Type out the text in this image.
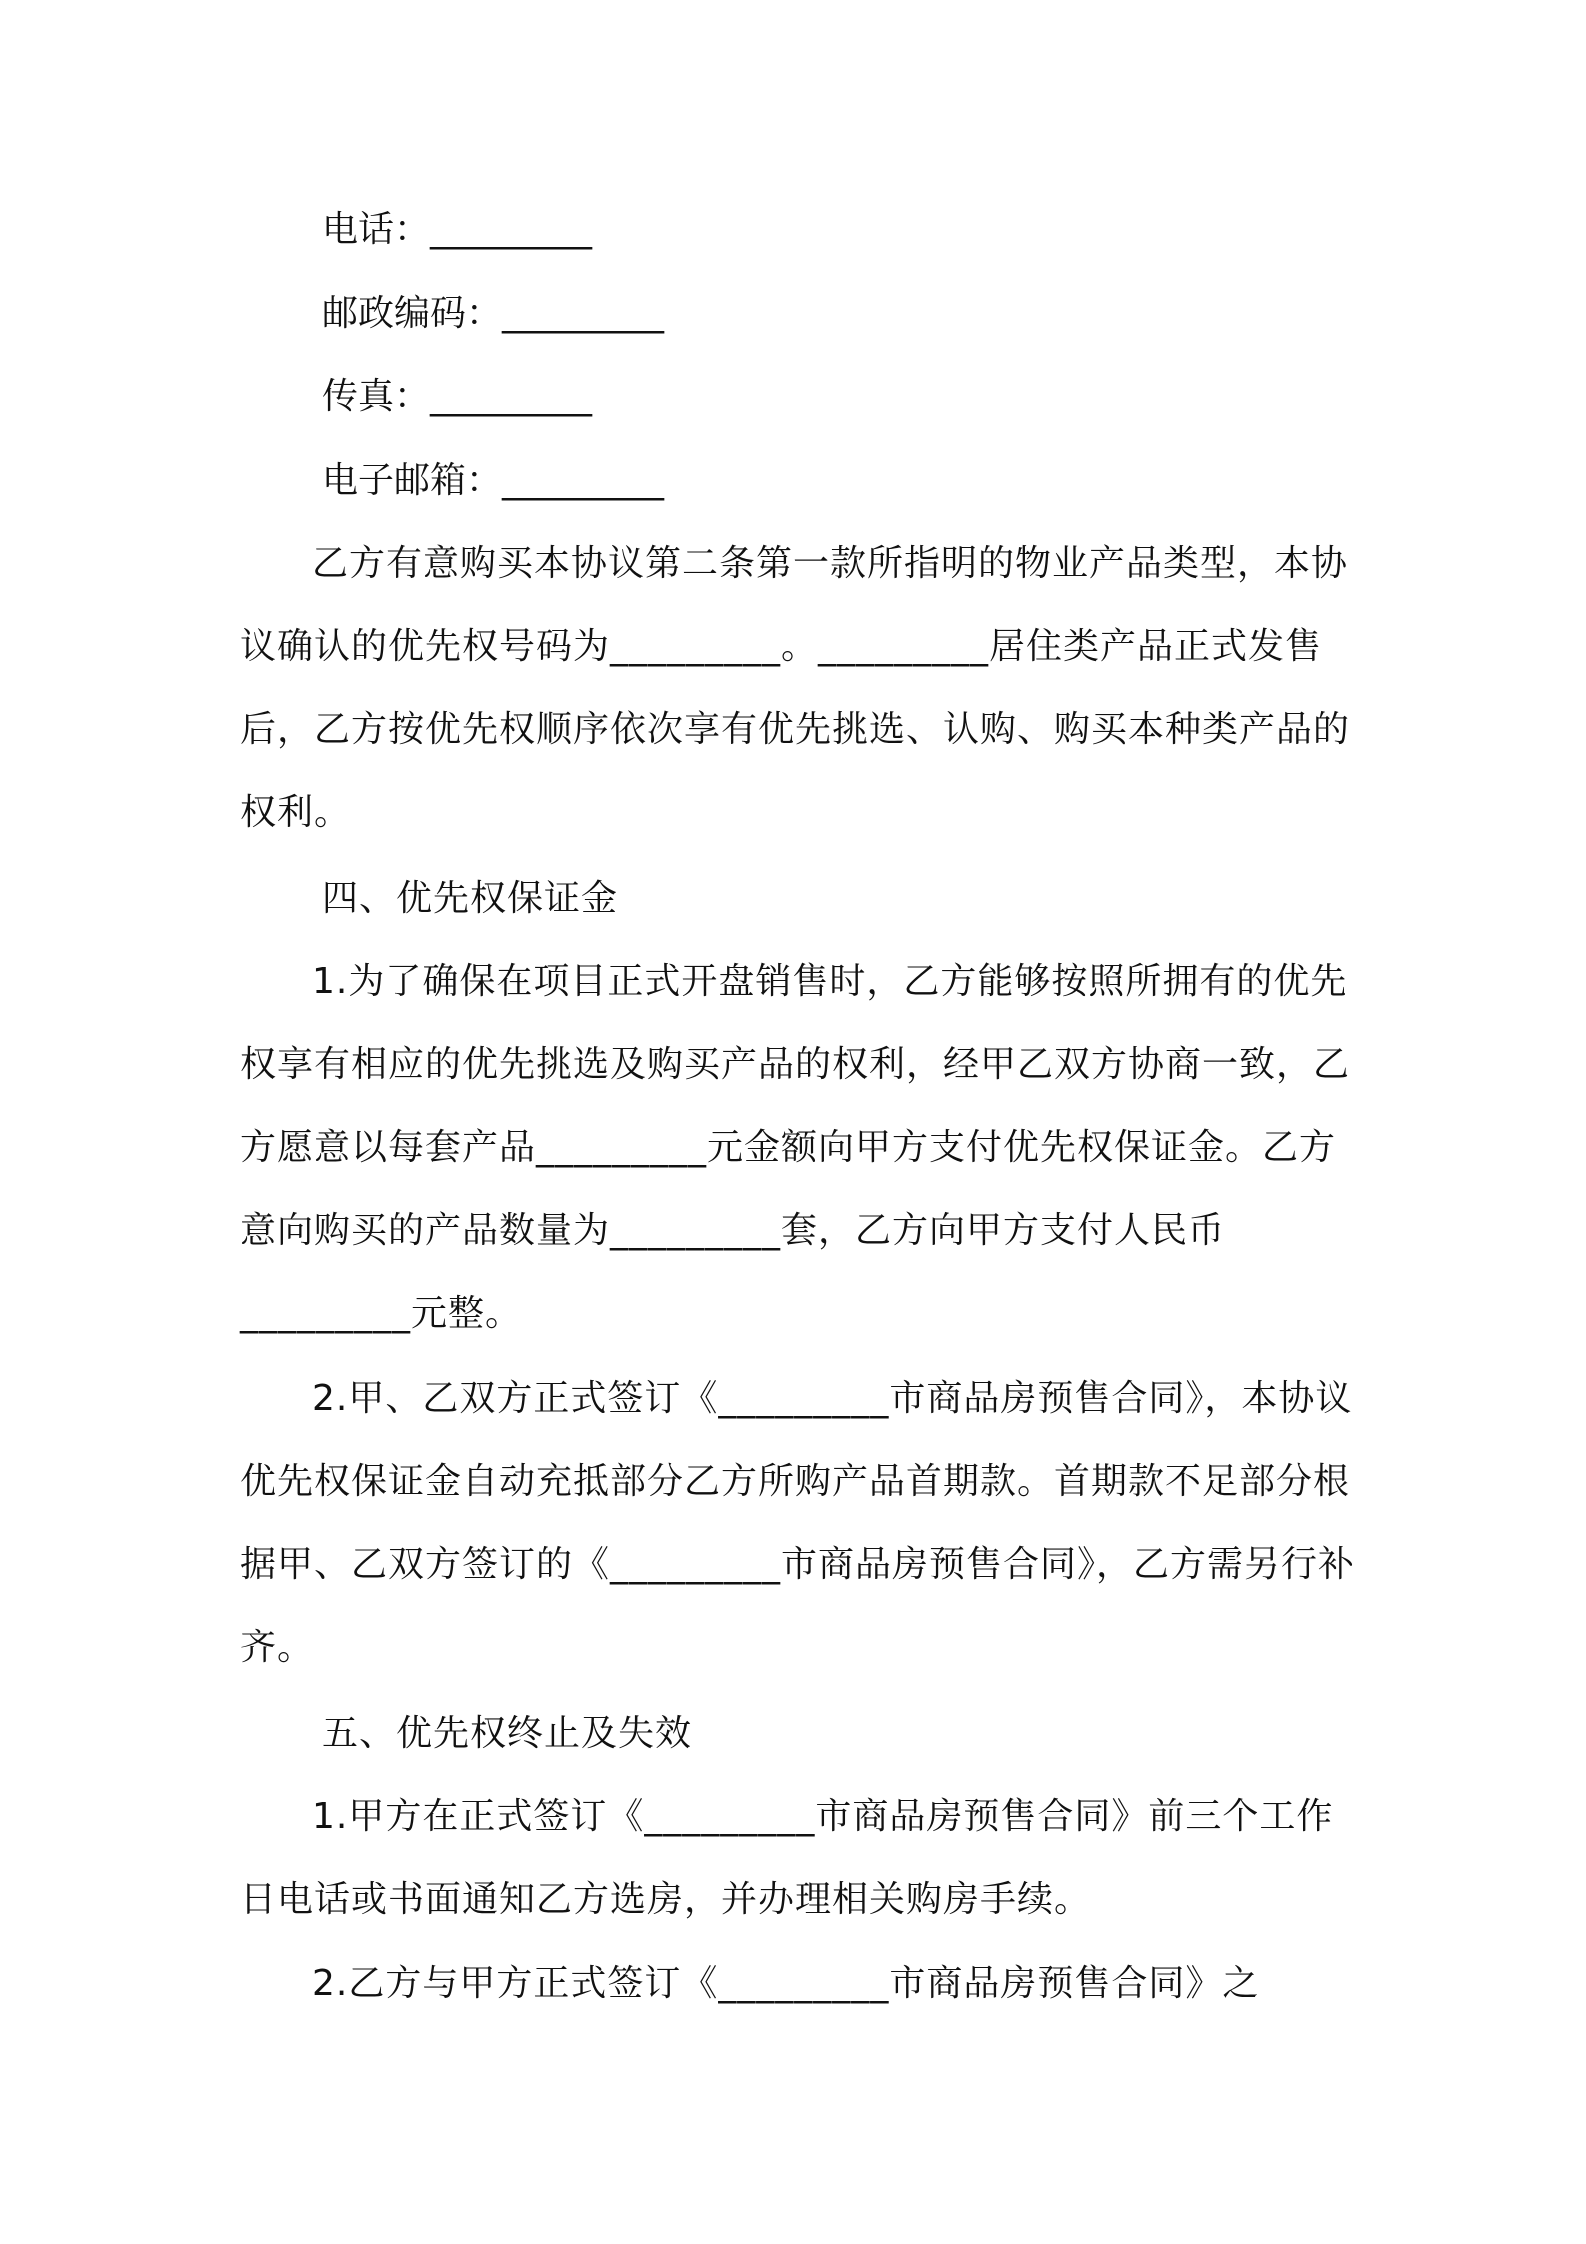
电话：_________
邮政编码：_________
传真：_________
电子邮箱：_________
乙方有意购买本协议第二条第一款所指明的物业产品类型，本协议确认的优先权号码为_________。_________居住类产品正式发售后，乙方按优先权顺序依次享有优先挑选、认购、购买本种类产品的权利。
四、优先权保证金
1.为了确保在项目正式开盘销售时，乙方能够按照所拥有的优先权享有相应的优先挑选及购买产品的权利，经甲乙双方协商一致，乙方愿意以每套产品_________元金额向甲方支付优先权保证金。乙方意向购买的产品数量为_________套，乙方向甲方支付人民币_________元整。
2.甲、乙双方正式签订《_________市商品房预售合同》，本协议优先权保证金自动充抵部分乙方所购产品首期款。首期款不足部分根据甲、乙双方签订的《_________市商品房预售合同》，乙方需另行补齐。
五、优先权终止及失效
1.甲方在正式签订《_________市商品房预售合同》前三个工作日电话或书面通知乙方选房，并办理相关购房手续。
2.乙方与甲方正式签订《_________市商品房预售合同》之
